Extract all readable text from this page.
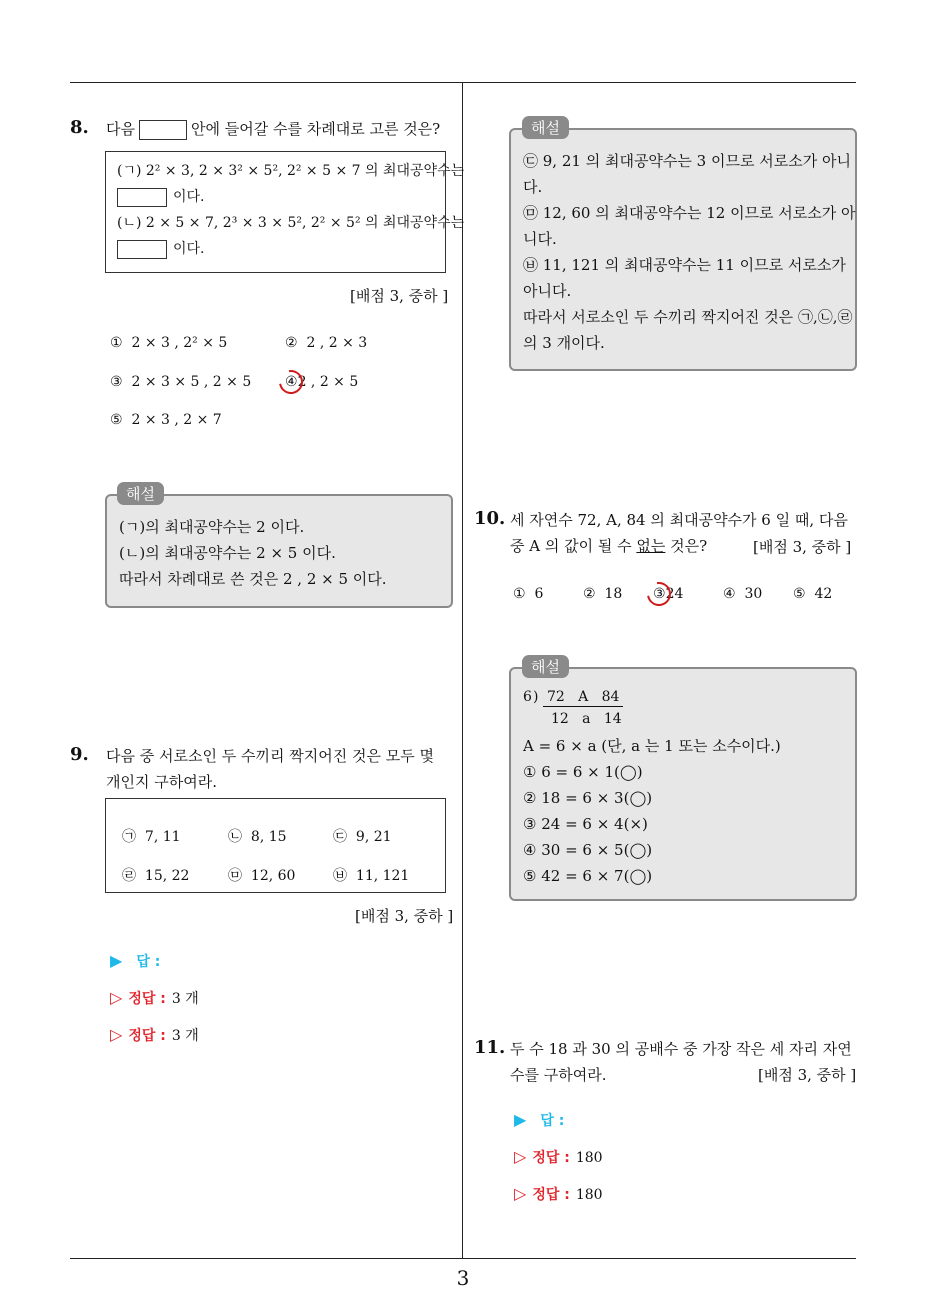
3
8. 다음	안에 들어갈 수를 차례대로 고른 것은?
(ㄱ) 2² × 3, 2 × 3² × 5², 2² × 5 × 7 의 최대공약수는
이다.
(ㄴ) 2 × 5 × 7, 2³ × 3 × 5², 2² × 5² 의 최대공약수는
이다.
[배점 3, 중하 ]
① 2 × 3 , 2² × 5	② 2 , 2 × 3
③ 2 × 3 × 5 , 2 × 5 ④2 , 2 × 5
⑤ 2 × 3 , 2 × 7
(ㄱ)의 최대공약수는 2 이다.
(ㄴ)의 최대공약수는 2 × 5 이다.
따라서 차례대로 쓴 것은 2 , 2 × 5 이다.
해설
9. 다음 중 서로소인 두 수끼리 짝지어진 것은 모두 몇
개인지 구하여라.
㉠ 7, 11	㉡ 8, 15	㉢ 9, 21
㉣ 15, 22	㉤ 12, 60	㉥ 11, 121
[배점 3, 중하 ]
▶ 답 :
▷ 정답 : 3 개
▷ 정답 : 3 개
㉢ 9, 21 의 최대공약수는 3 이므로 서로소가 아니
다.
㉤ 12, 60 의 최대공약수는 12 이므로 서로소가 아
니다.
㉥ 11, 121 의 최대공약수는 11 이므로 서로소가
아니다.
따라서 서로소인 두 수끼리 짝지어진 것은 ㉠,㉡,㉣
의 3 개이다.
해설
10. 세 자연수 72, A, 84 의 최대공약수가 6 일 때, 다음
중 A 의 값이 될 수 없는 것은?	[배점 3, 중하 ]
① 6	② 18 ③24	④ 30 ⑤ 42
6 ) 72   A   84
12   a   14
A = 6 × a (단, a 는 1 또는 소수이다.)
① 6 = 6 × 1(◯)
② 18 = 6 × 3(◯)
③ 24 = 6 × 4(×)
④ 30 = 6 × 5(◯)
⑤ 42 = 6 × 7(◯)
해설
11. 두 수 18 과 30 의 공배수 중 가장 작은 세 자리 자연
수를 구하여라.	[배점 3, 중하 ]
▶ 답 :
▷ 정답 : 180
▷ 정답 : 180
